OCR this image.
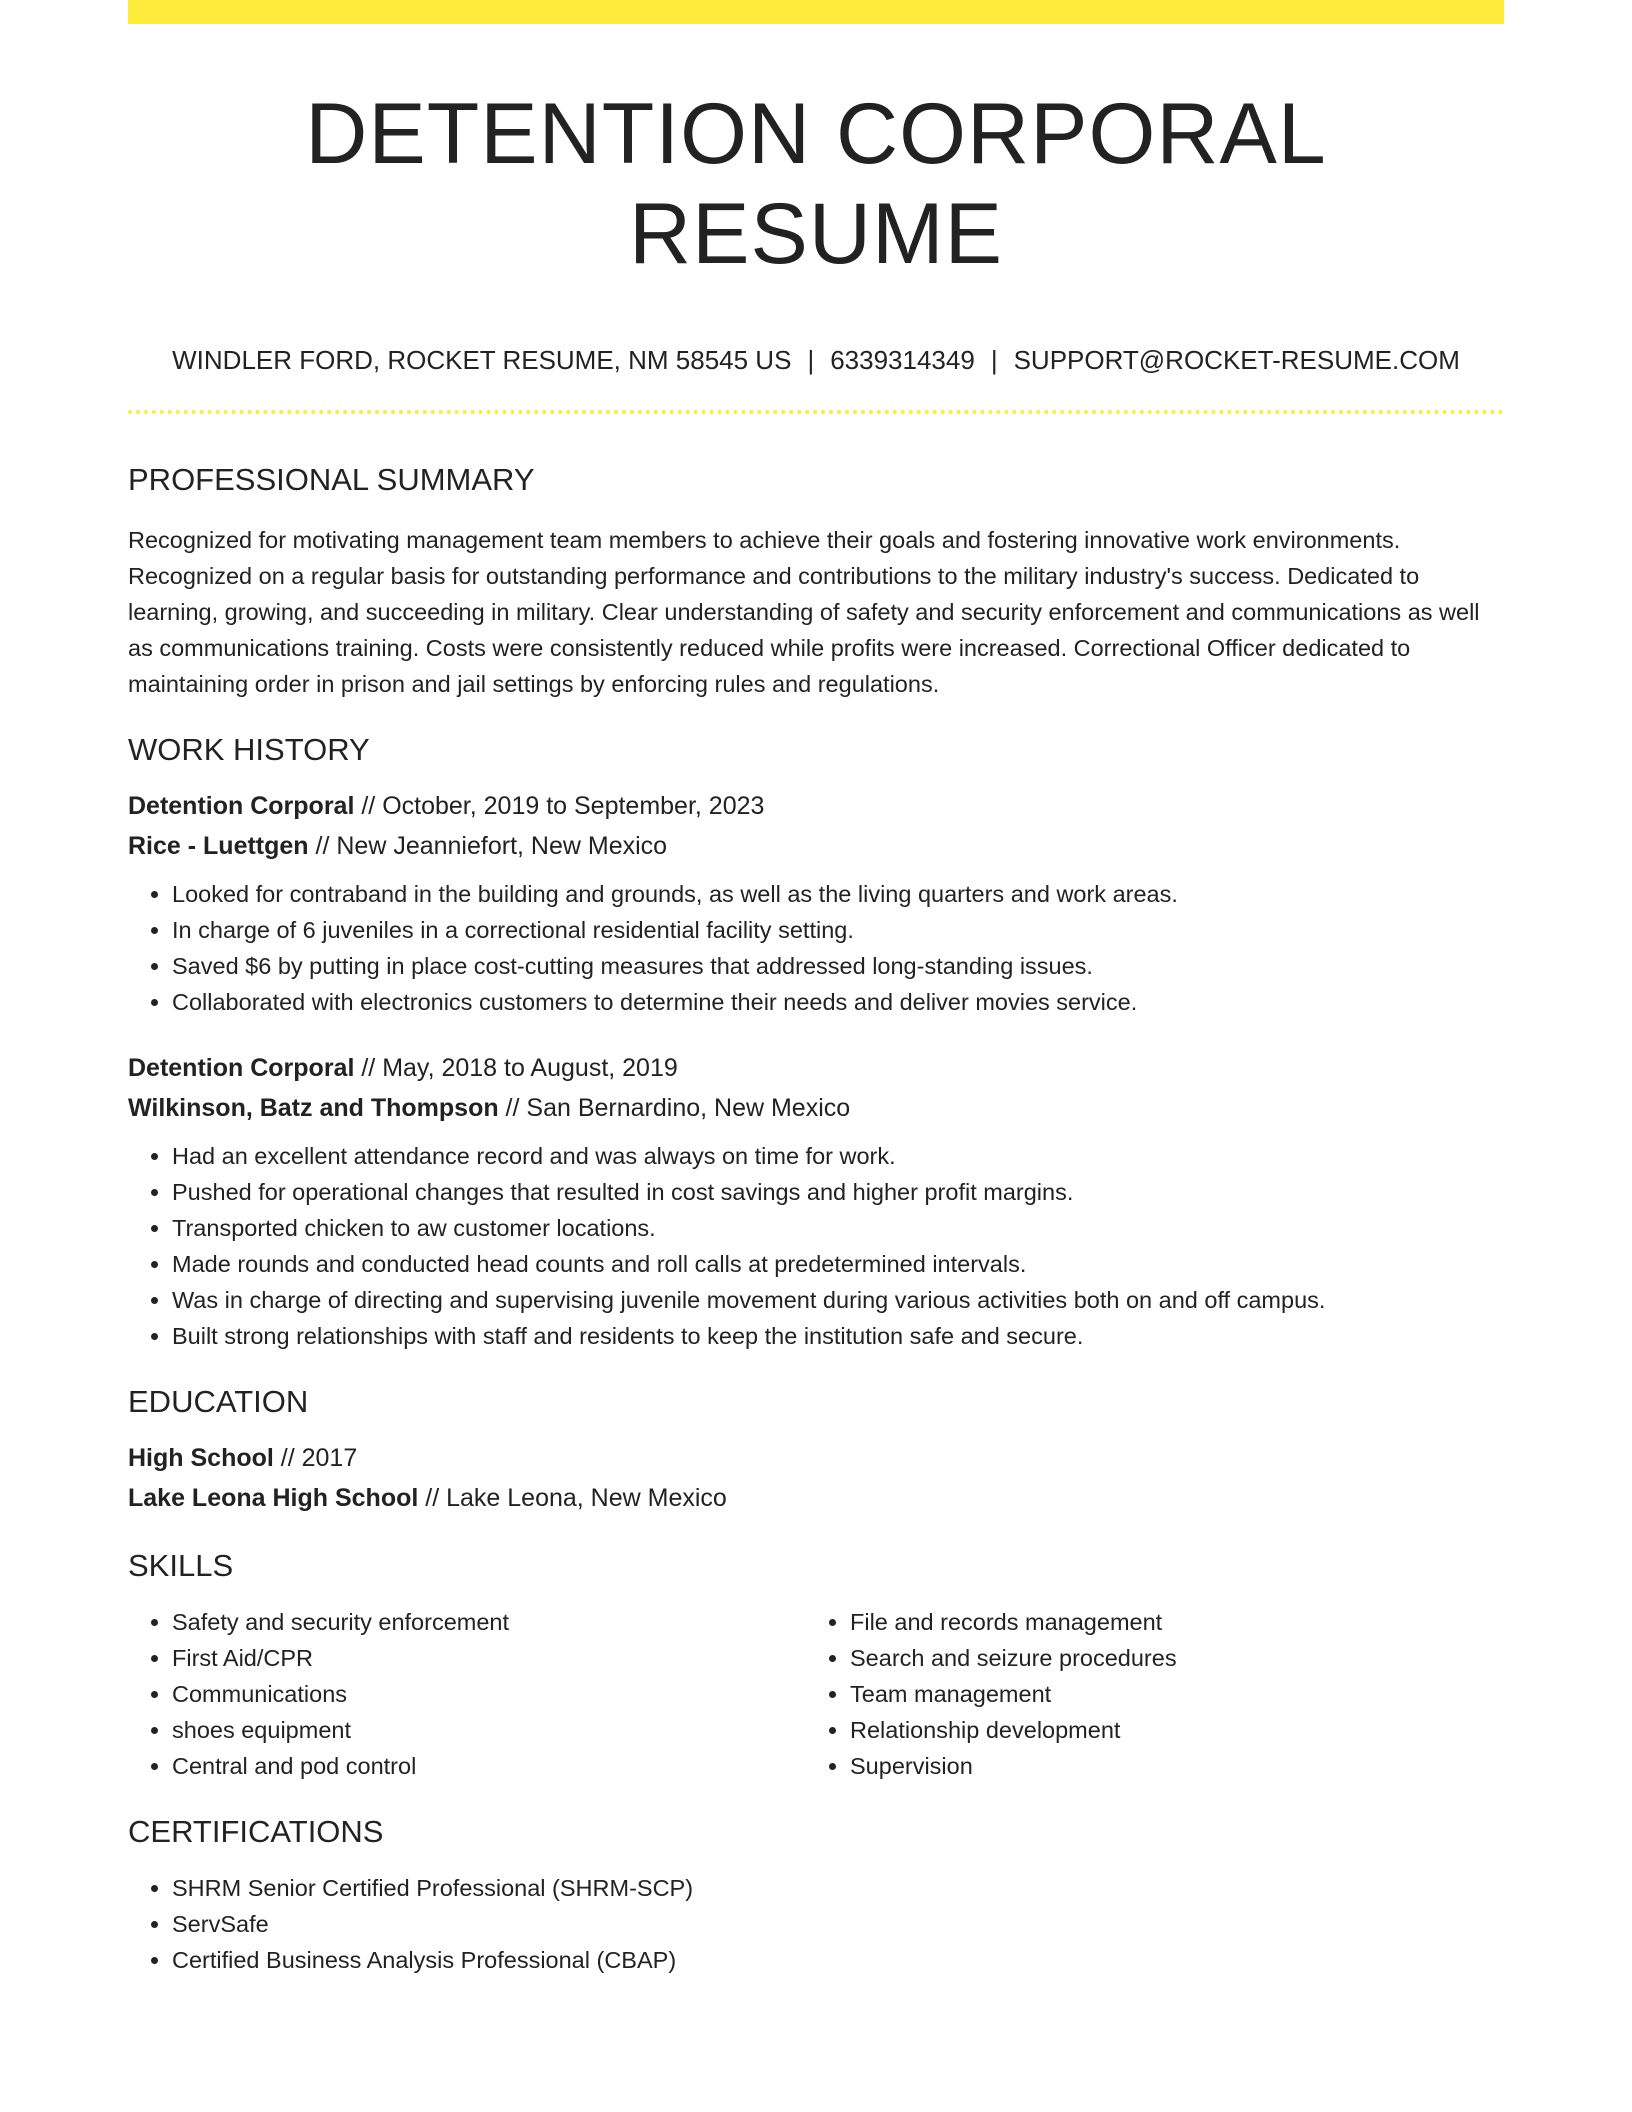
DETENTION CORPORAL RESUME
WINDLER FORD, ROCKET RESUME, NM 58545 US | 6339314349 | SUPPORT@ROCKET-RESUME.COM
PROFESSIONAL SUMMARY

Recognized for motivating management team members to achieve their goals and fostering innovative work environments. Recognized on a regular basis for outstanding performance and contributions to the military industry's success. Dedicated to learning, growing, and succeeding in military. Clear understanding of safety and security enforcement and communications as well as communications training. Costs were consistently reduced while profits were increased. Correctional Officer dedicated to maintaining order in prison and jail settings by enforcing rules and regulations.

WORK HISTORY
Detention Corporal // October, 2019 to September, 2023
Rice - Luettgen // New Jeanniefort, New Mexico
• Looked for contraband in the building and grounds, as well as the living quarters and work areas.
• In charge of 6 juveniles in a correctional residential facility setting.
• Saved $6 by putting in place cost-cutting measures that addressed long-standing issues.
• Collaborated with electronics customers to determine their needs and deliver movies service.
Detention Corporal // May, 2018 to August, 2019
Wilkinson, Batz and Thompson // San Bernardino, New Mexico
• Had an excellent attendance record and was always on time for work.
• Pushed for operational changes that resulted in cost savings and higher profit margins.
• Transported chicken to aw customer locations.
• Made rounds and conducted head counts and roll calls at predetermined intervals.
• Was in charge of directing and supervising juvenile movement during various activities both on and off campus.
• Built strong relationships with staff and residents to keep the institution safe and secure.
EDUCATION
High School // 2017
Lake Leona High School // Lake Leona, New Mexico
SKILLS
• Safety and security enforcement
• First Aid/CPR
• Communications
• shoes equipment
• Central and pod control
• File and records management
• Search and seizure procedures
• Team management
• Relationship development
• Supervision
CERTIFICATIONS
• SHRM Senior Certified Professional (SHRM-SCP)
• ServSafe
• Certified Business Analysis Professional (CBAP)
